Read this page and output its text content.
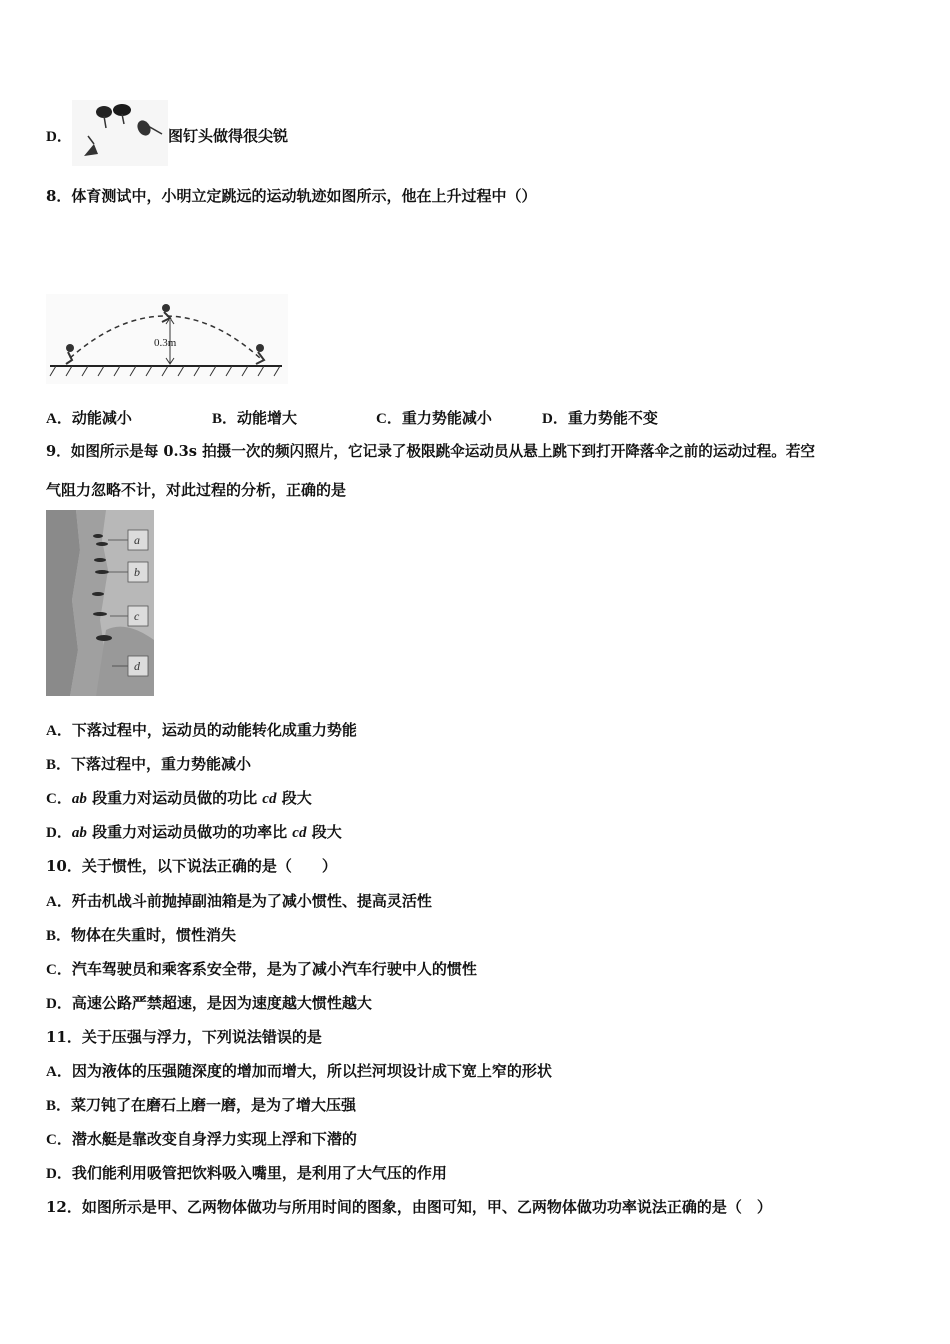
D．	图钉头做得很尖锐
8．体育测试中，小明立定跳远的运动轨迹如图所示，他在上升过程中（）
0.3m
A．动能减小	B．动能增大	C．重力势能减小	D．重力势能不变
9．如图所示是每 0.3s 拍摄一次的频闪照片，它记录了极限跳伞运动员从悬上跳下到打开降落伞之前的运动过程。若空
气阻力忽略不计，对此过程的分析，正确的是
a
b
c
d
A．下落过程中，运动员的动能转化成重力势能
B．下落过程中，重力势能减小
C．ab 段重力对运动员做的功比 cd 段大
D．ab 段重力对运动员做功的功率比 cd 段大
10．关于惯性，以下说法正确的是（　　）
A．歼击机战斗前抛掉副油箱是为了减小惯性、提高灵活性
B．物体在失重时，惯性消失
C．汽车驾驶员和乘客系安全带，是为了减小汽车行驶中人的惯性
D．高速公路严禁超速，是因为速度越大惯性越大
11．关于压强与浮力，下列说法错误的是
A．因为液体的压强随深度的增加而增大，所以拦河坝设计成下宽上窄的形状
B．菜刀钝了在磨石上磨一磨，是为了增大压强
C．潜水艇是靠改变自身浮力实现上浮和下潜的
D．我们能利用吸管把饮料吸入嘴里，是利用了大气压的作用
12．如图所示是甲、乙两物体做功与所用时间的图象，由图可知，甲、乙两物体做功功率说法正确的是（　）
